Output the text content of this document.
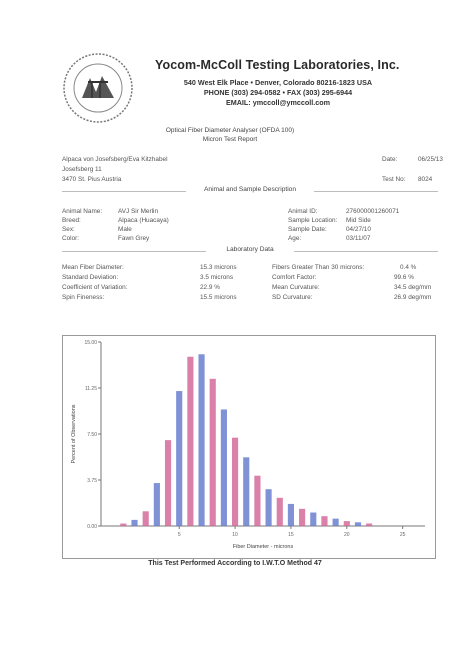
Yocom-McColl Testing Laboratories, Inc.
540 West Elk Place • Denver, Colorado 80216-1823 USA
PHONE (303) 294-0582 • FAX (303) 295-6944
EMAIL: ymccoll@ymccoll.com
Optical Fiber Diameter Analyser (OFDA 100)
Micron Test Report
Alpaca von Josefsberg/Eva Kitzhabel
Josefsberg 11
3470 St. Pius Austria
Date:	06/25/13
Test No: 8024
Animal and Sample Description
Animal Name: AVJ Sir Merlin
Breed:	Alpaca (Huacaya)
Sex:	Male
Color:	Fawn Grey
Animal ID:	276000001260071
Sample Location: Mid Side
Sample Date:	04/27/10
Age:	03/11/07
Laboratory Data
Mean Fiber Diameter:	15.3 microns
Standard Deviation:	3.5 microns
Coefficient of Variation:	22.9 %
Spin Fineness:	15.5 microns
Fibers Greater Than 30 microns:	0.4 %
Comfort Factor:	99.6 %
Mean Curvature:	34.5 deg/mm
SD Curvature:	26.9 deg/mm
0.00
3.75
7.50
11.25
15.00
5	10	15	20	25
Fiber Diameter - microns
Percent of Observations
This Test Performed According to I.W.T.O Method 47
